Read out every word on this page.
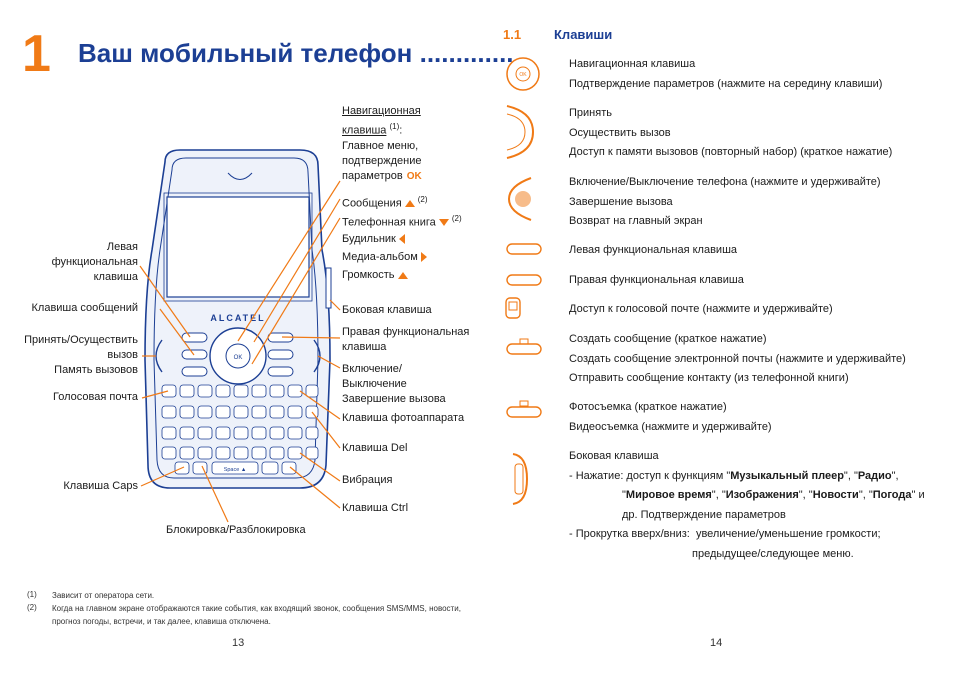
1 Ваш мобильный телефон .............
OK
ALCATEL
Space ▲
Левая
функциональная
клавиша
Клавиша сообщений
Принять/Осуществить
вызов
Память вызовов
Голосовая почта
Клавиша Caps
Блокировка/Разблокировка
Навигационная
клавиша $^{(1)}$:
Главное меню,
подтверждение
параметров OK
Сообщения $^{(2)}$
Телефонная книга $^{(2)}$
Будильник
Медиа-альбом
Громкость
Боковая клавиша
Правая функциональная
клавиша
Включение/
Выключение
Завершение вызова
Клавиша фотоаппарата
Клавиша Del
Вибрация
Клавиша Ctrl
(1) Зависит от оператора сети.
(2) Когда на главном экране отображаются такие события, как входящий звонок, сообщения SMS/MMS, новости,
прогноз погоды, встречи, и так далее, клавиша отключена.
13
1.1	Клавиши
OK
Навигационная клавиша
Подтверждение параметров (нажмите на середину клавиши)
Принять
Осуществить вызов
Доступ к памяти вызовов (повторный набор) (краткое нажатие)
Включение/Выключение телефона (нажмите и удерживайте)
Завершение вызова
Возврат на главный экран
Левая функциональная клавиша
Правая функциональная клавиша
Доступ к голосовой почте (нажмите и удерживайте)
Создать сообщение (краткое нажатие)
Создать сообщение электронной почты (нажмите и удерживайте)
Отправить сообщение контакту (из телефонной книги)
Фотосъемка (краткое нажатие)
Видеосъемка (нажмите и удерживайте)
Боковая клавиша
- Нажатие: доступ к функциям "Музыкальный плеер", "Радио",
"Мировое время", "Изображения", "Новости", "Погода" и
др. Подтверждение параметров
- Прокрутка вверх/вниз: увеличение/уменьшение громкости;
предыдущее/следующее меню.
14
